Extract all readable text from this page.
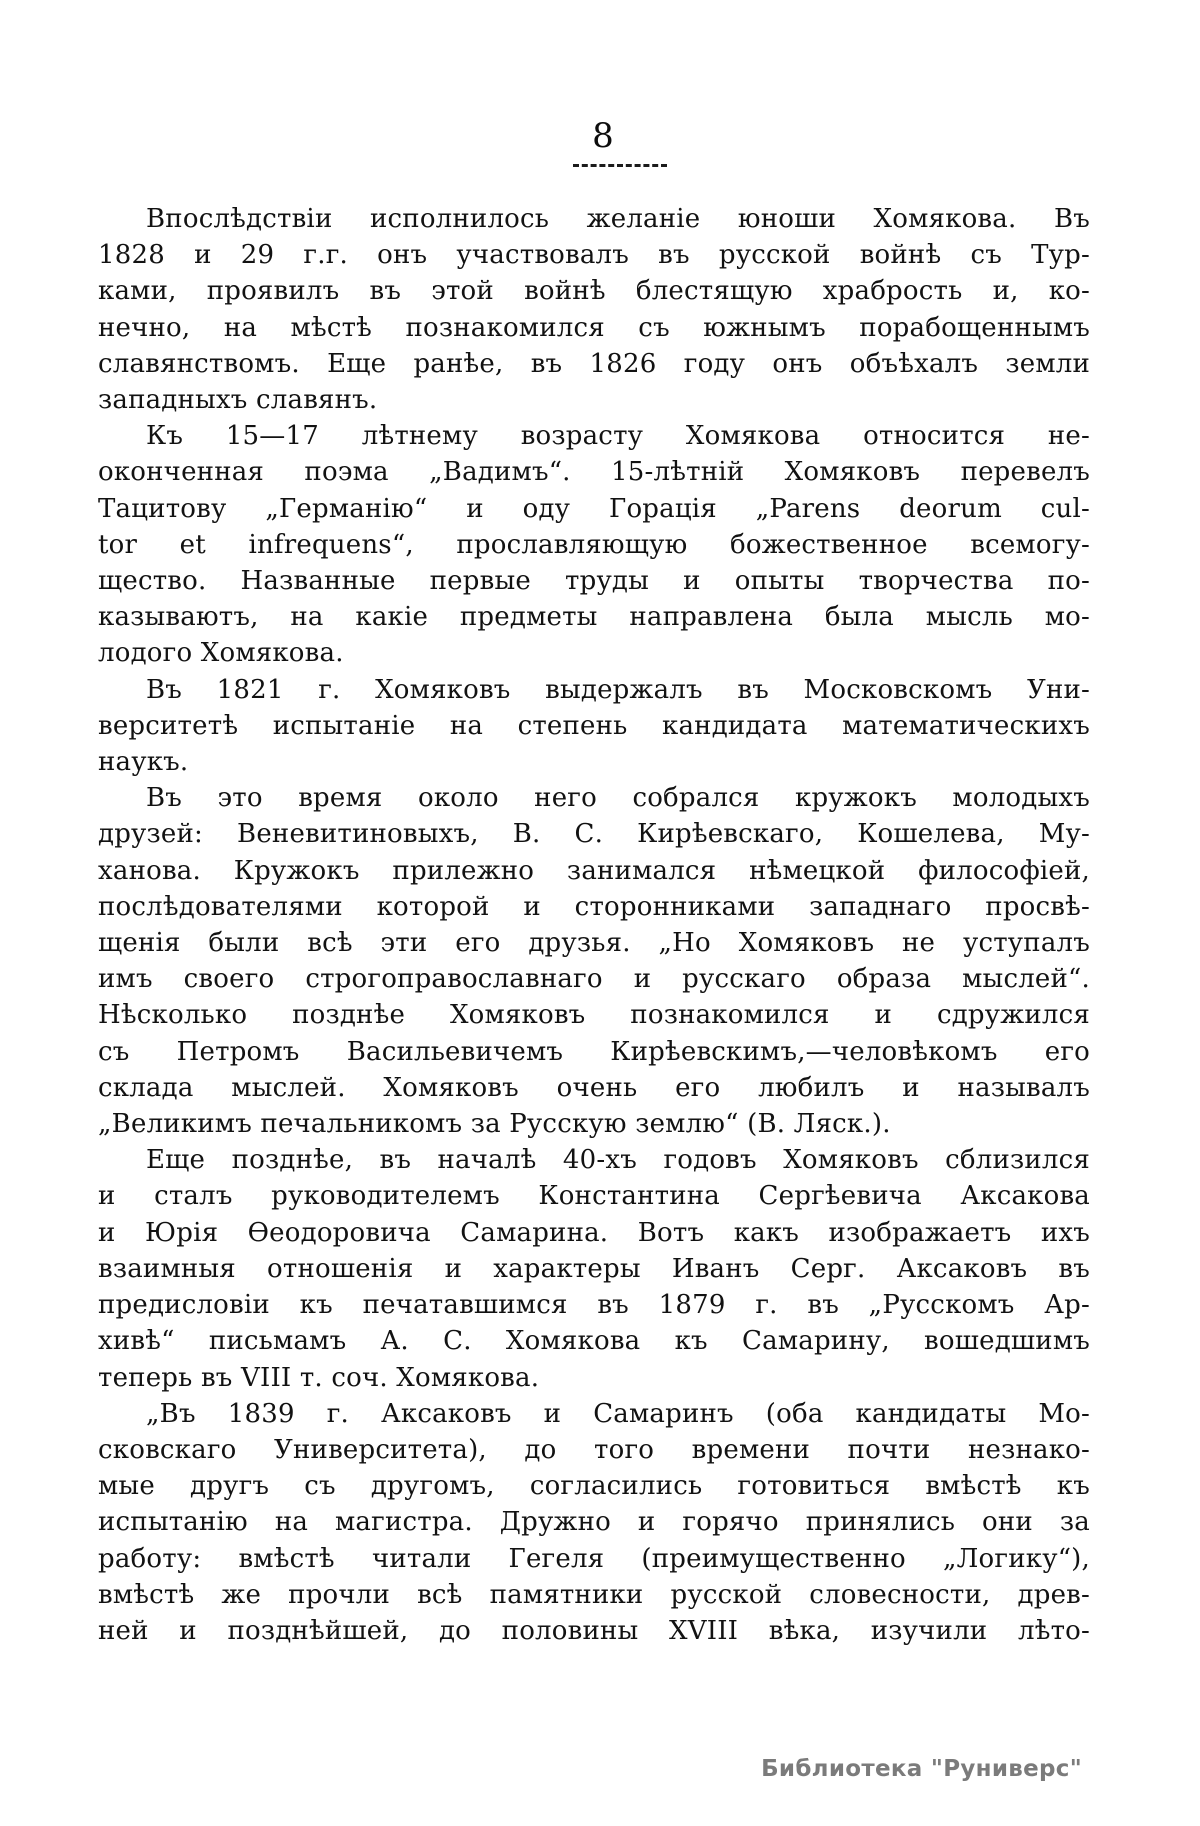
8
Впослѣдствіи исполнилось желаніе юноши Хомякова. Въ
1828 и 29 г.г. онъ участвовалъ въ русской войнѣ съ Тур-
ками, проявилъ въ этой войнѣ блестящую храбрость и, ко-
нечно, на мѣстѣ познакомился съ южнымъ порабощеннымъ
славянствомъ. Еще ранѣе, въ 1826 году онъ объѣхалъ земли
западныхъ славянъ.
Къ 15—17 лѣтнему возрасту Хомякова относится не-
оконченная поэма „Вадимъ“. 15-лѣтній Хомяковъ перевелъ
Тацитову „Германію“ и оду Горація „Parens deorum cul-
tor et infrequens“, прославляющую божественное всемогу-
щество. Названные первые труды и опыты творчества по-
казываютъ, на какіе предметы направлена была мысль мо-
лодого Хомякова.
Въ 1821 г. Хомяковъ выдержалъ въ Московскомъ Уни-
верситетѣ испытаніе на степень кандидата математическихъ
наукъ.
Въ это время около него собрался кружокъ молодыхъ
друзей: Веневитиновыхъ, В. С. Кирѣевскаго, Кошелева, Му-
ханова. Кружокъ прилежно занимался нѣмецкой философіей,
послѣдователями которой и сторонниками западнаго просвѣ-
щенія были всѣ эти его друзья. „Но Хомяковъ не уступалъ
имъ своего строгоправославнаго и русскаго образа мыслей“.
Нѣсколько позднѣе Хомяковъ познакомился и сдружился
съ Петромъ Васильевичемъ Кирѣевскимъ,—человѣкомъ его
склада мыслей. Хомяковъ очень его любилъ и называлъ
„Великимъ печальникомъ за Русскую землю“ (В. Ляск.).
Еще позднѣе, въ началѣ 40-хъ годовъ Хомяковъ сблизился
и сталъ руководителемъ Константина Сергѣевича Аксакова
и Юрія Ѳеодоровича Самарина. Вотъ какъ изображаетъ ихъ
взаимныя отношенія и характеры Иванъ Серг. Аксаковъ въ
предисловіи къ печатавшимся въ 1879 г. въ „Русскомъ Ар-
хивѣ“ письмамъ А. С. Хомякова къ Самарину, вошедшимъ
теперь въ VIII т. соч. Хомякова.
„Въ 1839 г. Аксаковъ и Самаринъ (оба кандидаты Мо-
сковскаго Университета), до того времени почти незнако-
мые другъ съ другомъ, согласились готовиться вмѣстѣ къ
испытанію на магистра. Дружно и горячо принялись они за
работу: вмѣстѣ читали Гегеля (преимущественно „Логику“),
вмѣстѣ же прочли всѣ памятники русской словесности, древ-
ней и позднѣйшей, до половины XVIII вѣка, изучили лѣто-
Библиотека "Руниверс"
